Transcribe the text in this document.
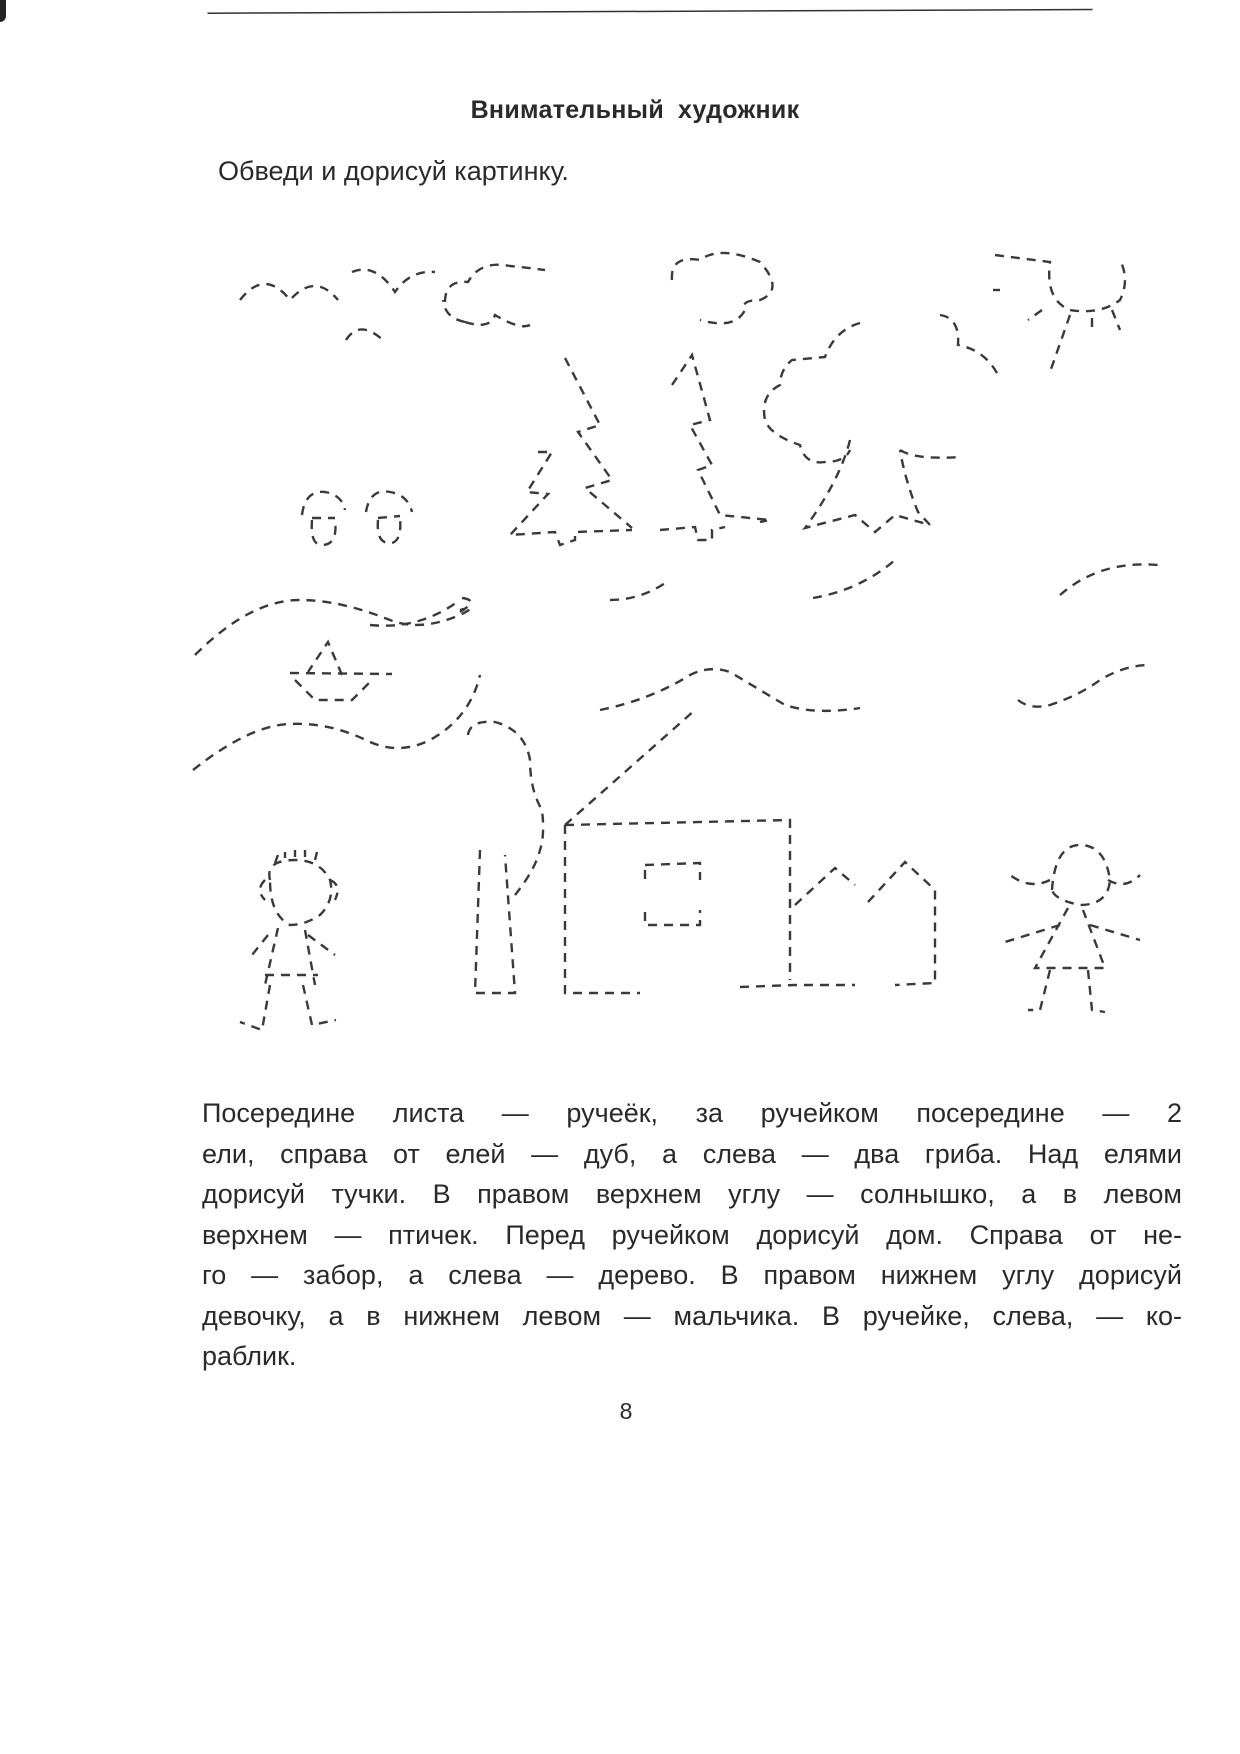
Внимательный художник
Обведи и дорисуй картинку.
Посередине листа — ручеёк, за ручейком посередине — 2
ели, справа от елей — дуб, а слева — два гриба. Над елями
дорисуй тучки. В правом верхнем углу — солнышко, а в левом
верхнем — птичек. Перед ручейком дорисуй дом. Справа от не-
го — забор, а слева — дерево. В правом нижнем углу дорисуй
девочку, а в нижнем левом — мальчика. В ручейке, слева, — ко-
раблик.
8
